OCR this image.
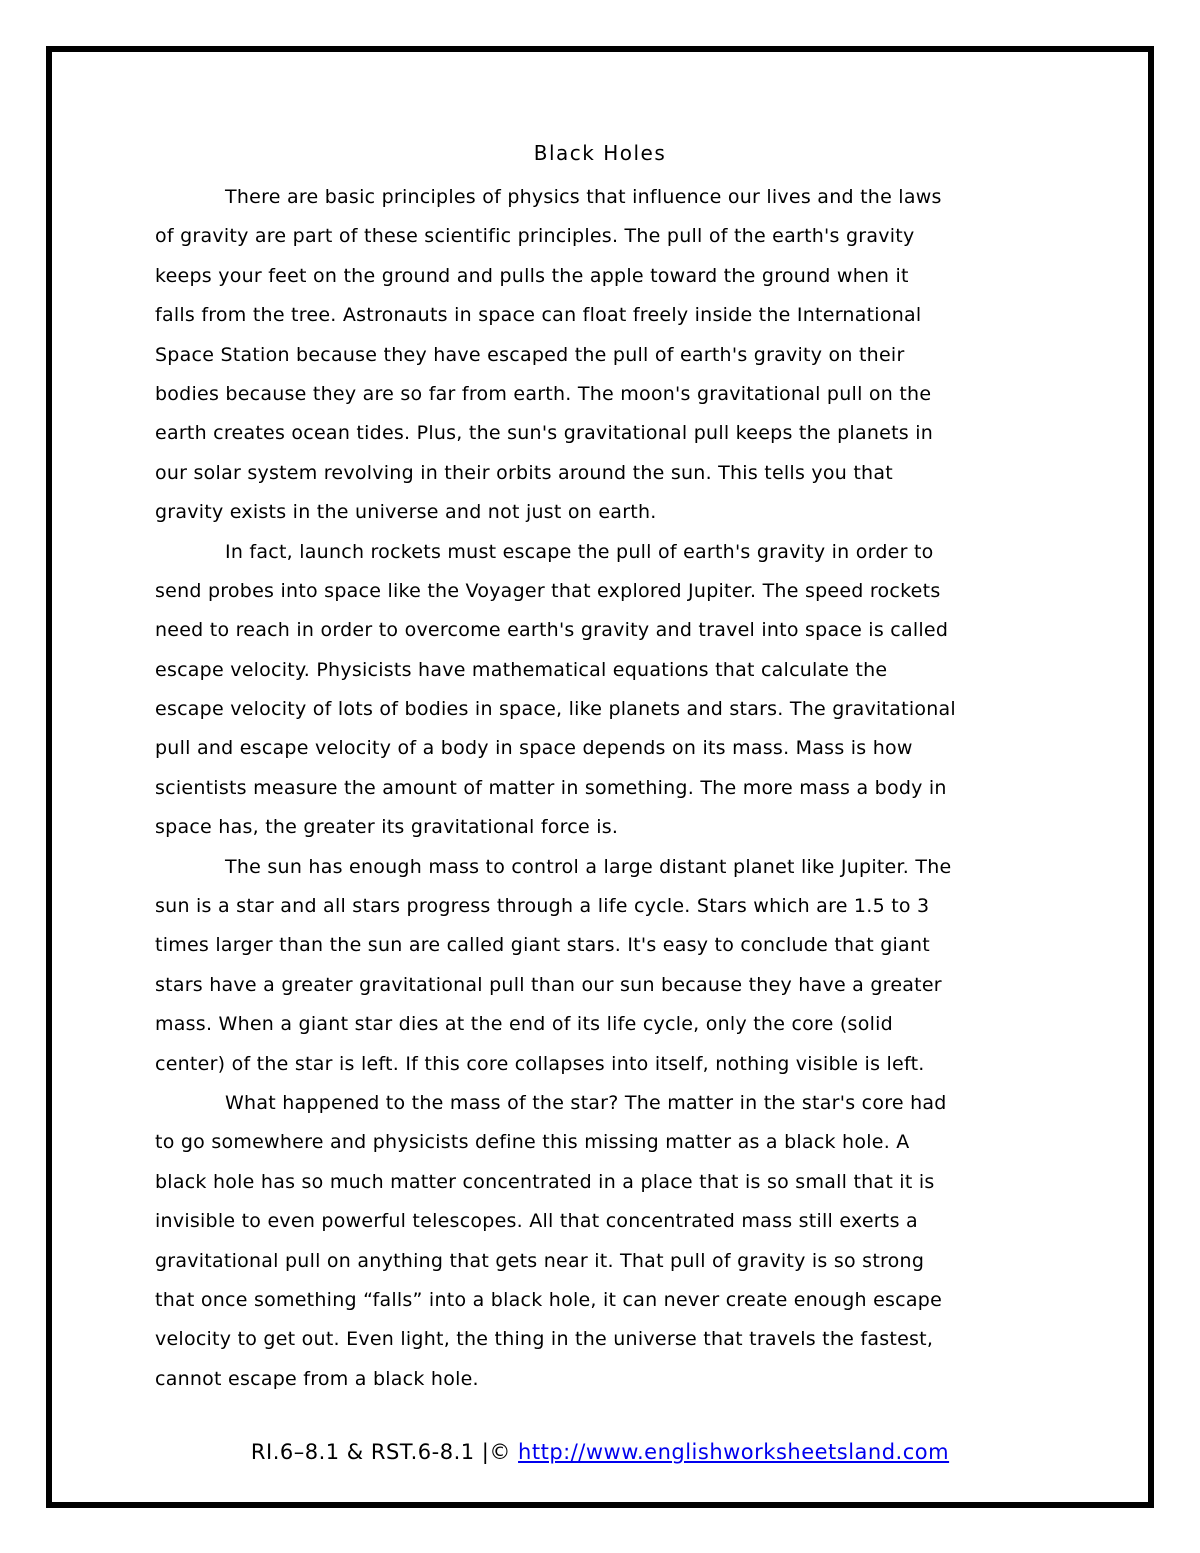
Black Holes
There are basic principles of physics that influence our lives and the laws
of gravity are part of these scientific principles. The pull of the earth's gravity
keeps your feet on the ground and pulls the apple toward the ground when it
falls from the tree. Astronauts in space can float freely inside the International
Space Station because they have escaped the pull of earth's gravity on their
bodies because they are so far from earth. The moon's gravitational pull on the
earth creates ocean tides. Plus, the sun's gravitational pull keeps the planets in
our solar system revolving in their orbits around the sun. This tells you that
gravity exists in the universe and not just on earth.
In fact, launch rockets must escape the pull of earth's gravity in order to
send probes into space like the Voyager that explored Jupiter. The speed rockets
need to reach in order to overcome earth's gravity and travel into space is called
escape velocity. Physicists have mathematical equations that calculate the
escape velocity of lots of bodies in space, like planets and stars. The gravitational
pull and escape velocity of a body in space depends on its mass. Mass is how
scientists measure the amount of matter in something. The more mass a body in
space has, the greater its gravitational force is.
The sun has enough mass to control a large distant planet like Jupiter. The
sun is a star and all stars progress through a life cycle. Stars which are 1.5 to 3
times larger than the sun are called giant stars. It's easy to conclude that giant
stars have a greater gravitational pull than our sun because they have a greater
mass. When a giant star dies at the end of its life cycle, only the core (solid
center) of the star is left. If this core collapses into itself, nothing visible is left.
What happened to the mass of the star? The matter in the star's core had
to go somewhere and physicists define this missing matter as a black hole. A
black hole has so much matter concentrated in a place that is so small that it is
invisible to even powerful telescopes. All that concentrated mass still exerts a
gravitational pull on anything that gets near it. That pull of gravity is so strong
that once something “falls” into a black hole, it can never create enough escape
velocity to get out. Even light, the thing in the universe that travels the fastest,
cannot escape from a black hole.
RI.6–8.1 & RST.6-8.1 |© http://www.englishworksheetsland.com
